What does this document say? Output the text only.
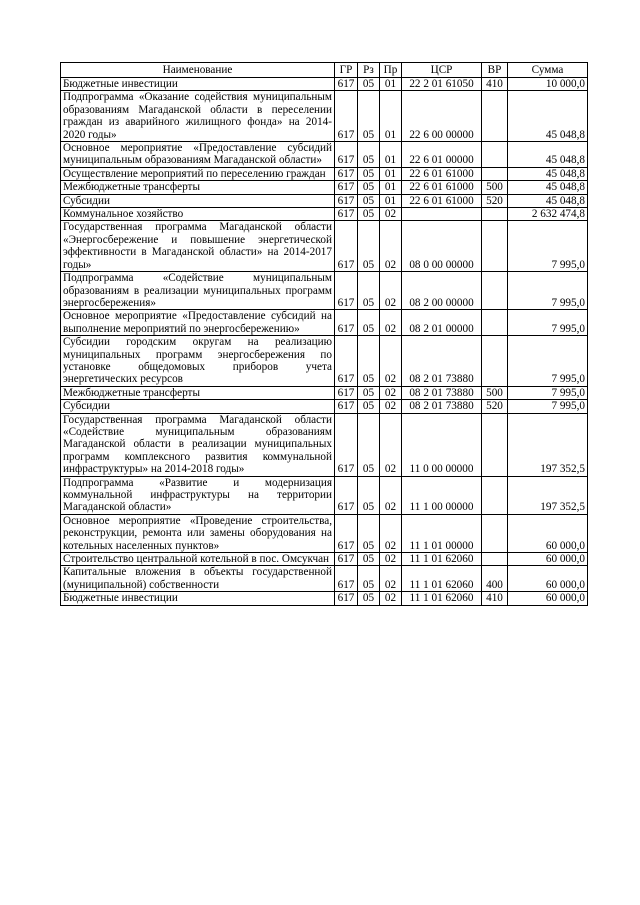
Наименование	ГР	Рз	Пр	ЦСР	ВР	Сумма
Бюджетные инвестиции	617	05	01	22 2 01 61050	410	10 000,0
Подпрограмма «Оказание содействия муниципальным образованиям Магаданской области в переселении граждан из аварийного жилищного фонда» на 2014-2020 годы»	617	05	01	22 6 00 00000		45 048,8
Основное мероприятие «Предоставление субсидий муниципальным образованиям Магаданской области»	617	05	01	22 6 01 00000		45 048,8
Осуществление мероприятий по переселению граждан	617	05	01	22 6 01 61000		45 048,8
Межбюджетные трансферты	617	05	01	22 6 01 61000	500	45 048,8
Субсидии	617	05	01	22 6 01 61000	520	45 048,8
Коммунальное хозяйство	617	05	02			2 632 474,8
Государственная программа Магаданской области «Энергосбережение и повышение энергетической эффективности в Магаданской области» на 2014-2017 годы»	617	05	02	08 0 00 00000		7 995,0
Подпрограмма «Содействие муниципальным образованиям в реализации муниципальных программ энергосбережения»	617	05	02	08 2 00 00000		7 995,0
Основное мероприятие «Предоставление субсидий на выполнение мероприятий по энергосбережению»	617	05	02	08 2 01 00000		7 995,0
Субсидии городским округам на реализацию муниципальных программ энергосбережения по установке общедомовых приборов учета энергетических ресурсов	617	05	02	08 2 01 73880		7 995,0
Межбюджетные трансферты	617	05	02	08 2 01 73880	500	7 995,0
Субсидии	617	05	02	08 2 01 73880	520	7 995,0
Государственная программа Магаданской области «Содействие муниципальным образованиям Магаданской области в реализации муниципальных программ комплексного развития коммунальной инфраструктуры» на 2014-2018 годы»	617	05	02	11 0 00 00000		197 352,5
Подпрограмма «Развитие и модернизация коммунальной инфраструктуры на территории Магаданской области»	617	05	02	11 1 00 00000		197 352,5
Основное мероприятие «Проведение строительства, реконструкции, ремонта или замены оборудования на котельных населенных пунктов»	617	05	02	11 1 01 00000		60 000,0
Строительство центральной котельной в пос. Омсукчан	617	05	02	11 1 01 62060		60 000,0
Капитальные вложения в объекты государственной (муниципальной) собственности	617	05	02	11 1 01 62060	400	60 000,0
Бюджетные инвестиции	617	05	02	11 1 01 62060	410	60 000,0
